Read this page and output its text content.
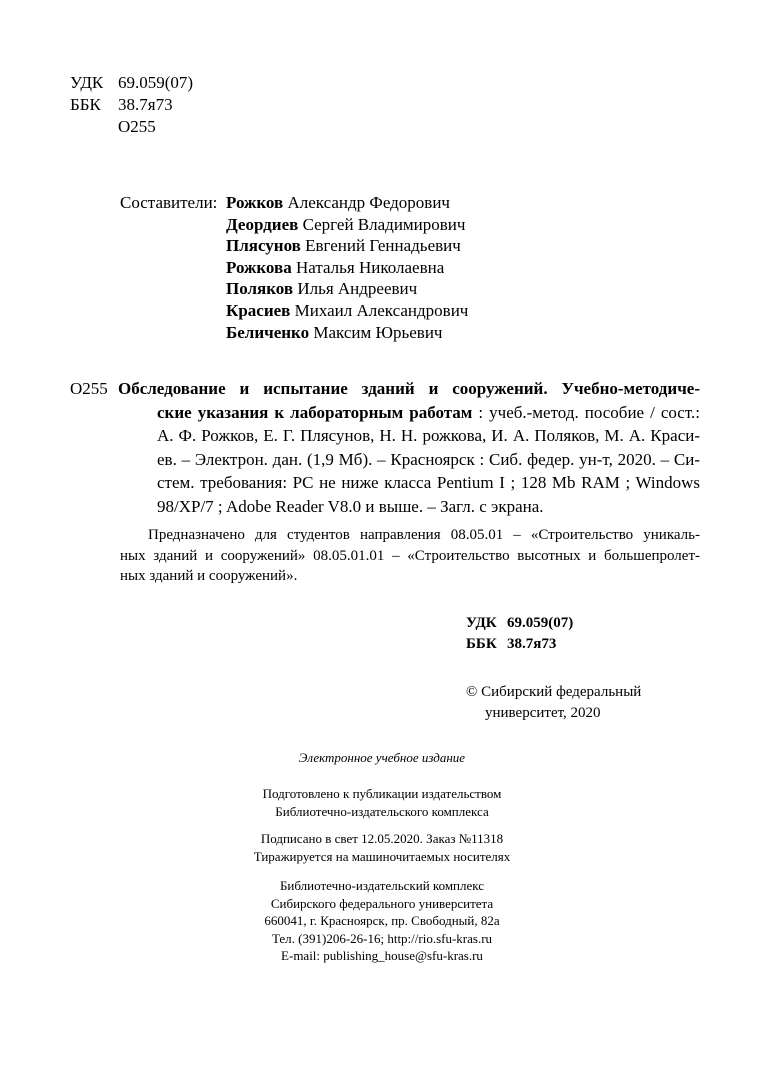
УДК 69.059(07)
ББК 38.7я73
О255
Составители: Рожков Александр Федорович
Деордиев Сергей Владимирович
Плясунов Евгений Геннадьевич
Рожкова Наталья Николаевна
Поляков Илья Андреевич
Красиев Михаил Александрович
Беличенко Максим Юрьевич
О255 Обследование и испытание зданий и сооружений. Учебно-методиче-
ские указания к лабораторным работам : учеб.-метод. пособие / сост.:
А. Ф. Рожков, Е. Г. Плясунов, Н. Н. рожкова, И. А. Поляков, М. А. Краси-
ев. – Электрон. дан. (1,9 Мб). – Красноярск : Сиб. федер. ун-т, 2020. – Си-
стем. требования: PC не ниже класса Pentium I ; 128 Mb RAM ; Windows
98/XP/7 ; Adobe Reader V8.0 и выше. – Загл. с экрана.
Предназначено для студентов направления 08.05.01 – «Строительство уникаль-
ных зданий и сооружений» 08.05.01.01 – «Строительство высотных и большепролет-
ных зданий и сооружений».
УДК 69.059(07)
ББК 38.7я73
© Сибирский федеральный
университет, 2020
Электронное учебное издание
Подготовлено к публикации издательством
Библиотечно-издательского комплекса
Подписано в свет 12.05.2020. Заказ №11318
Тиражируется на машиночитаемых носителях
Библиотечно-издательский комплекс
Сибирского федерального университета
660041, г. Красноярск, пр. Свободный, 82а
Тел. (391)206-26-16; http://rio.sfu-kras.ru
E-mail: publishing_house@sfu-kras.ru
